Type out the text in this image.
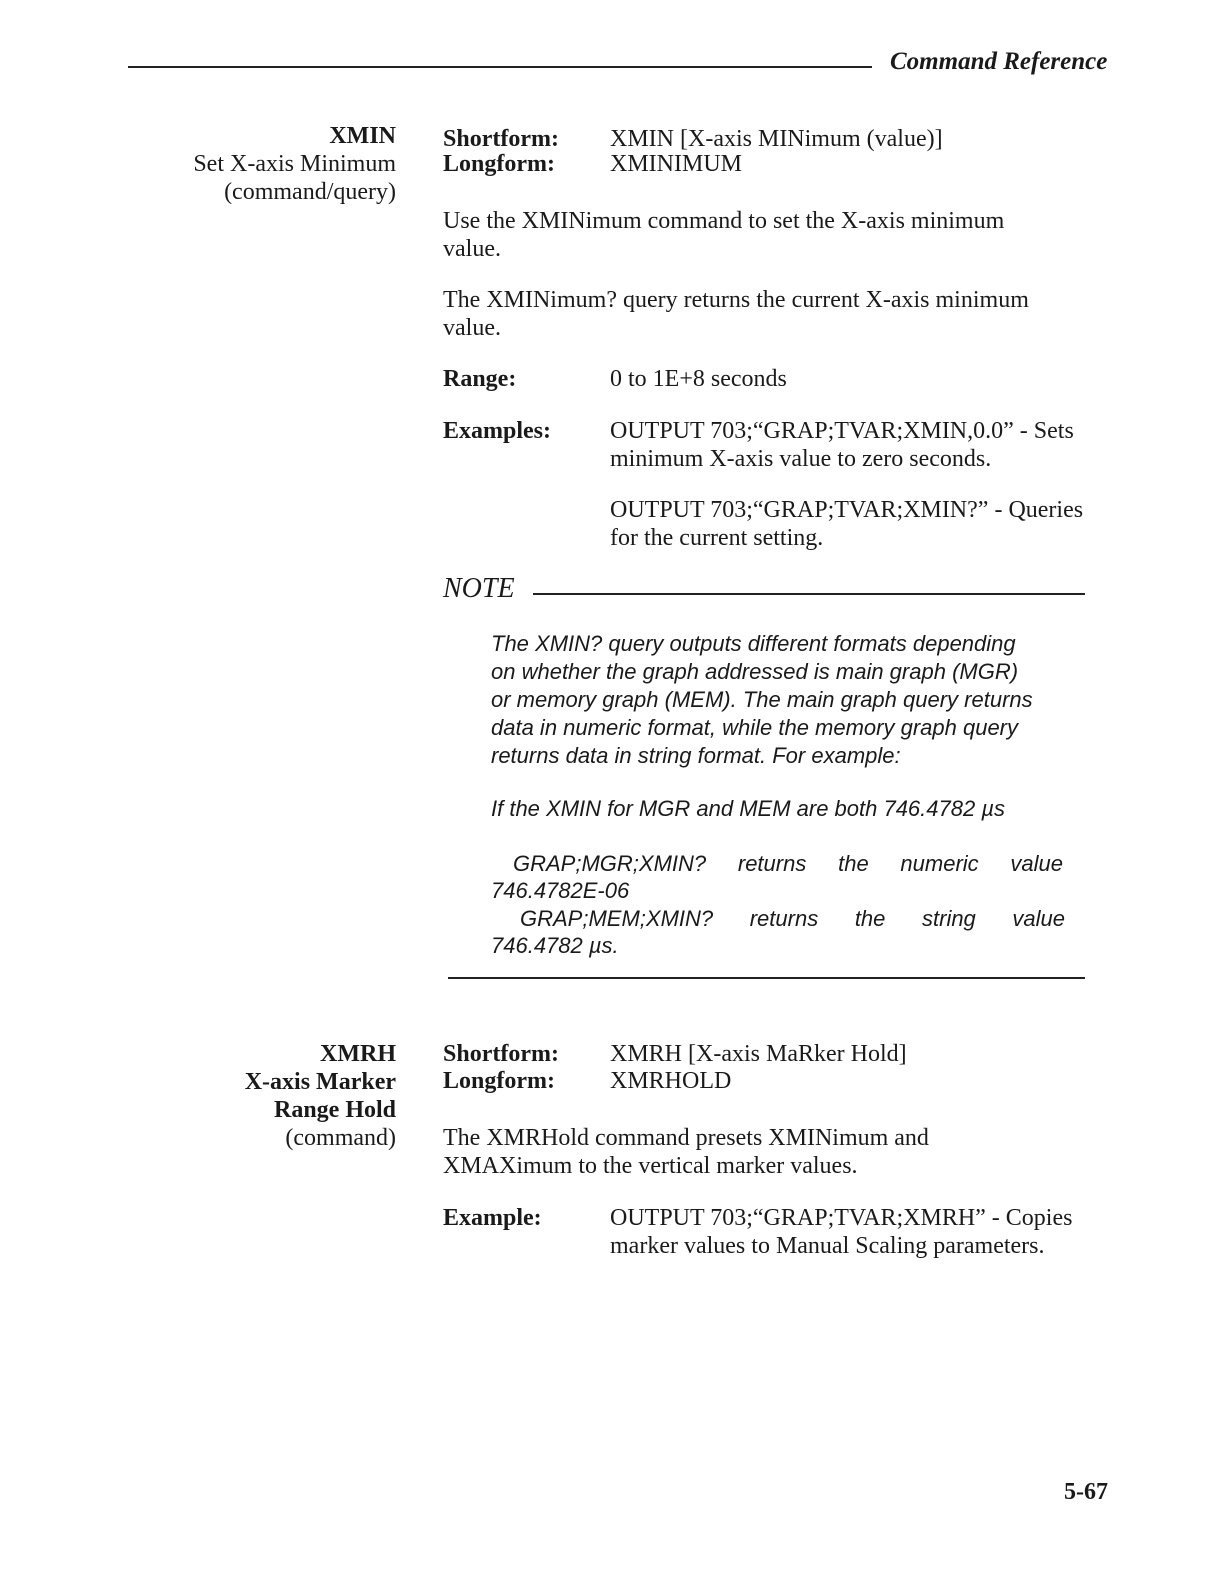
Command Reference
XMIN
Set X-axis Minimum
(command/query)
Shortform: XMIN [X-axis MINimum (value)]
Longform: XMINIMUM
Use the XMINimum command to set the X-axis minimum
value.
The XMINimum? query returns the current X-axis minimum
value.
Range:	0 to 1E+8 seconds
Examples: OUTPUT 703;“GRAP;TVAR;XMIN,0.0” - Sets
minimum X-axis value to zero seconds.
OUTPUT 703;“GRAP;TVAR;XMIN?” - Queries
for the current setting.
NOTE
The XMIN? query outputs different formats depending
on whether the graph addressed is main graph (MGR)
or memory graph (MEM). The main graph query returns
data in numeric format, while the memory graph query
returns data in string format. For example:
If the XMIN for MGR and MEM are both 746.4782 µs
GRAP;MGR;XMIN? returns the numeric value
746.4782E-06
GRAP;MEM;XMIN? returns the string value
746.4782 µs.
XMRH
X-axis Marker
Range Hold
(command)
Shortform: XMRH [X-axis MaRker Hold]
Longform: XMRHOLD
The XMRHold command presets XMINimum and
XMAXimum to the vertical marker values.
Example:	OUTPUT 703;“GRAP;TVAR;XMRH” - Copies
marker values to Manual Scaling parameters.
5-67
